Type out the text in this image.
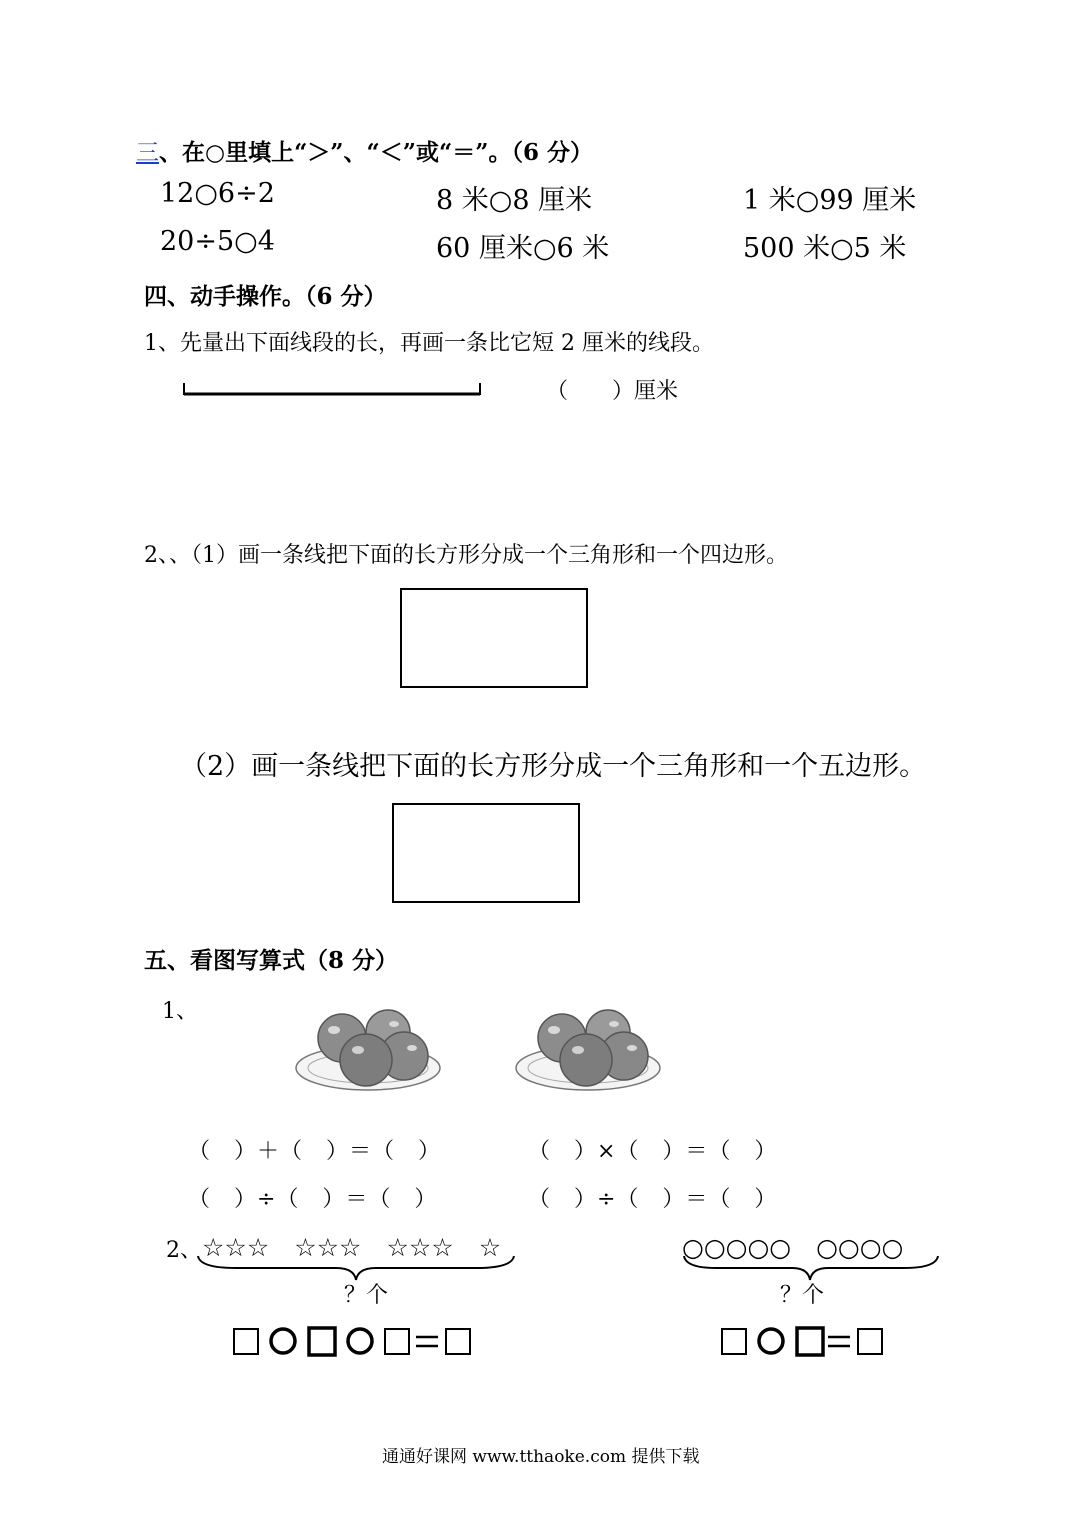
三、在○里填上“＞”、“＜”或“＝”。（6 分）
12○6÷2	8 米○8 厘米	1 米○99 厘米
20÷5○4	60 厘米○6 米	500 米○5 米
四、动手操作。（6 分）
1、先量出下面线段的长，再画一条比它短 2 厘米的线段。
（　　）厘米
2、、（1）画一条线把下面的长方形分成一个三角形和一个四边形。
（2）画一条线把下面的长方形分成一个三角形和一个五边形。
五、看图写算式（8 分）
1、
（　）＋（　）＝（　）	（　）×（　）＝（　）
（　）÷（　）＝（　）	（　）÷（　）＝（　）
2、 ☆☆☆　☆☆☆　☆☆☆　☆	○○○○○　○○○○
？个	？个
通通好课网 www.tthaoke.com 提供下载
